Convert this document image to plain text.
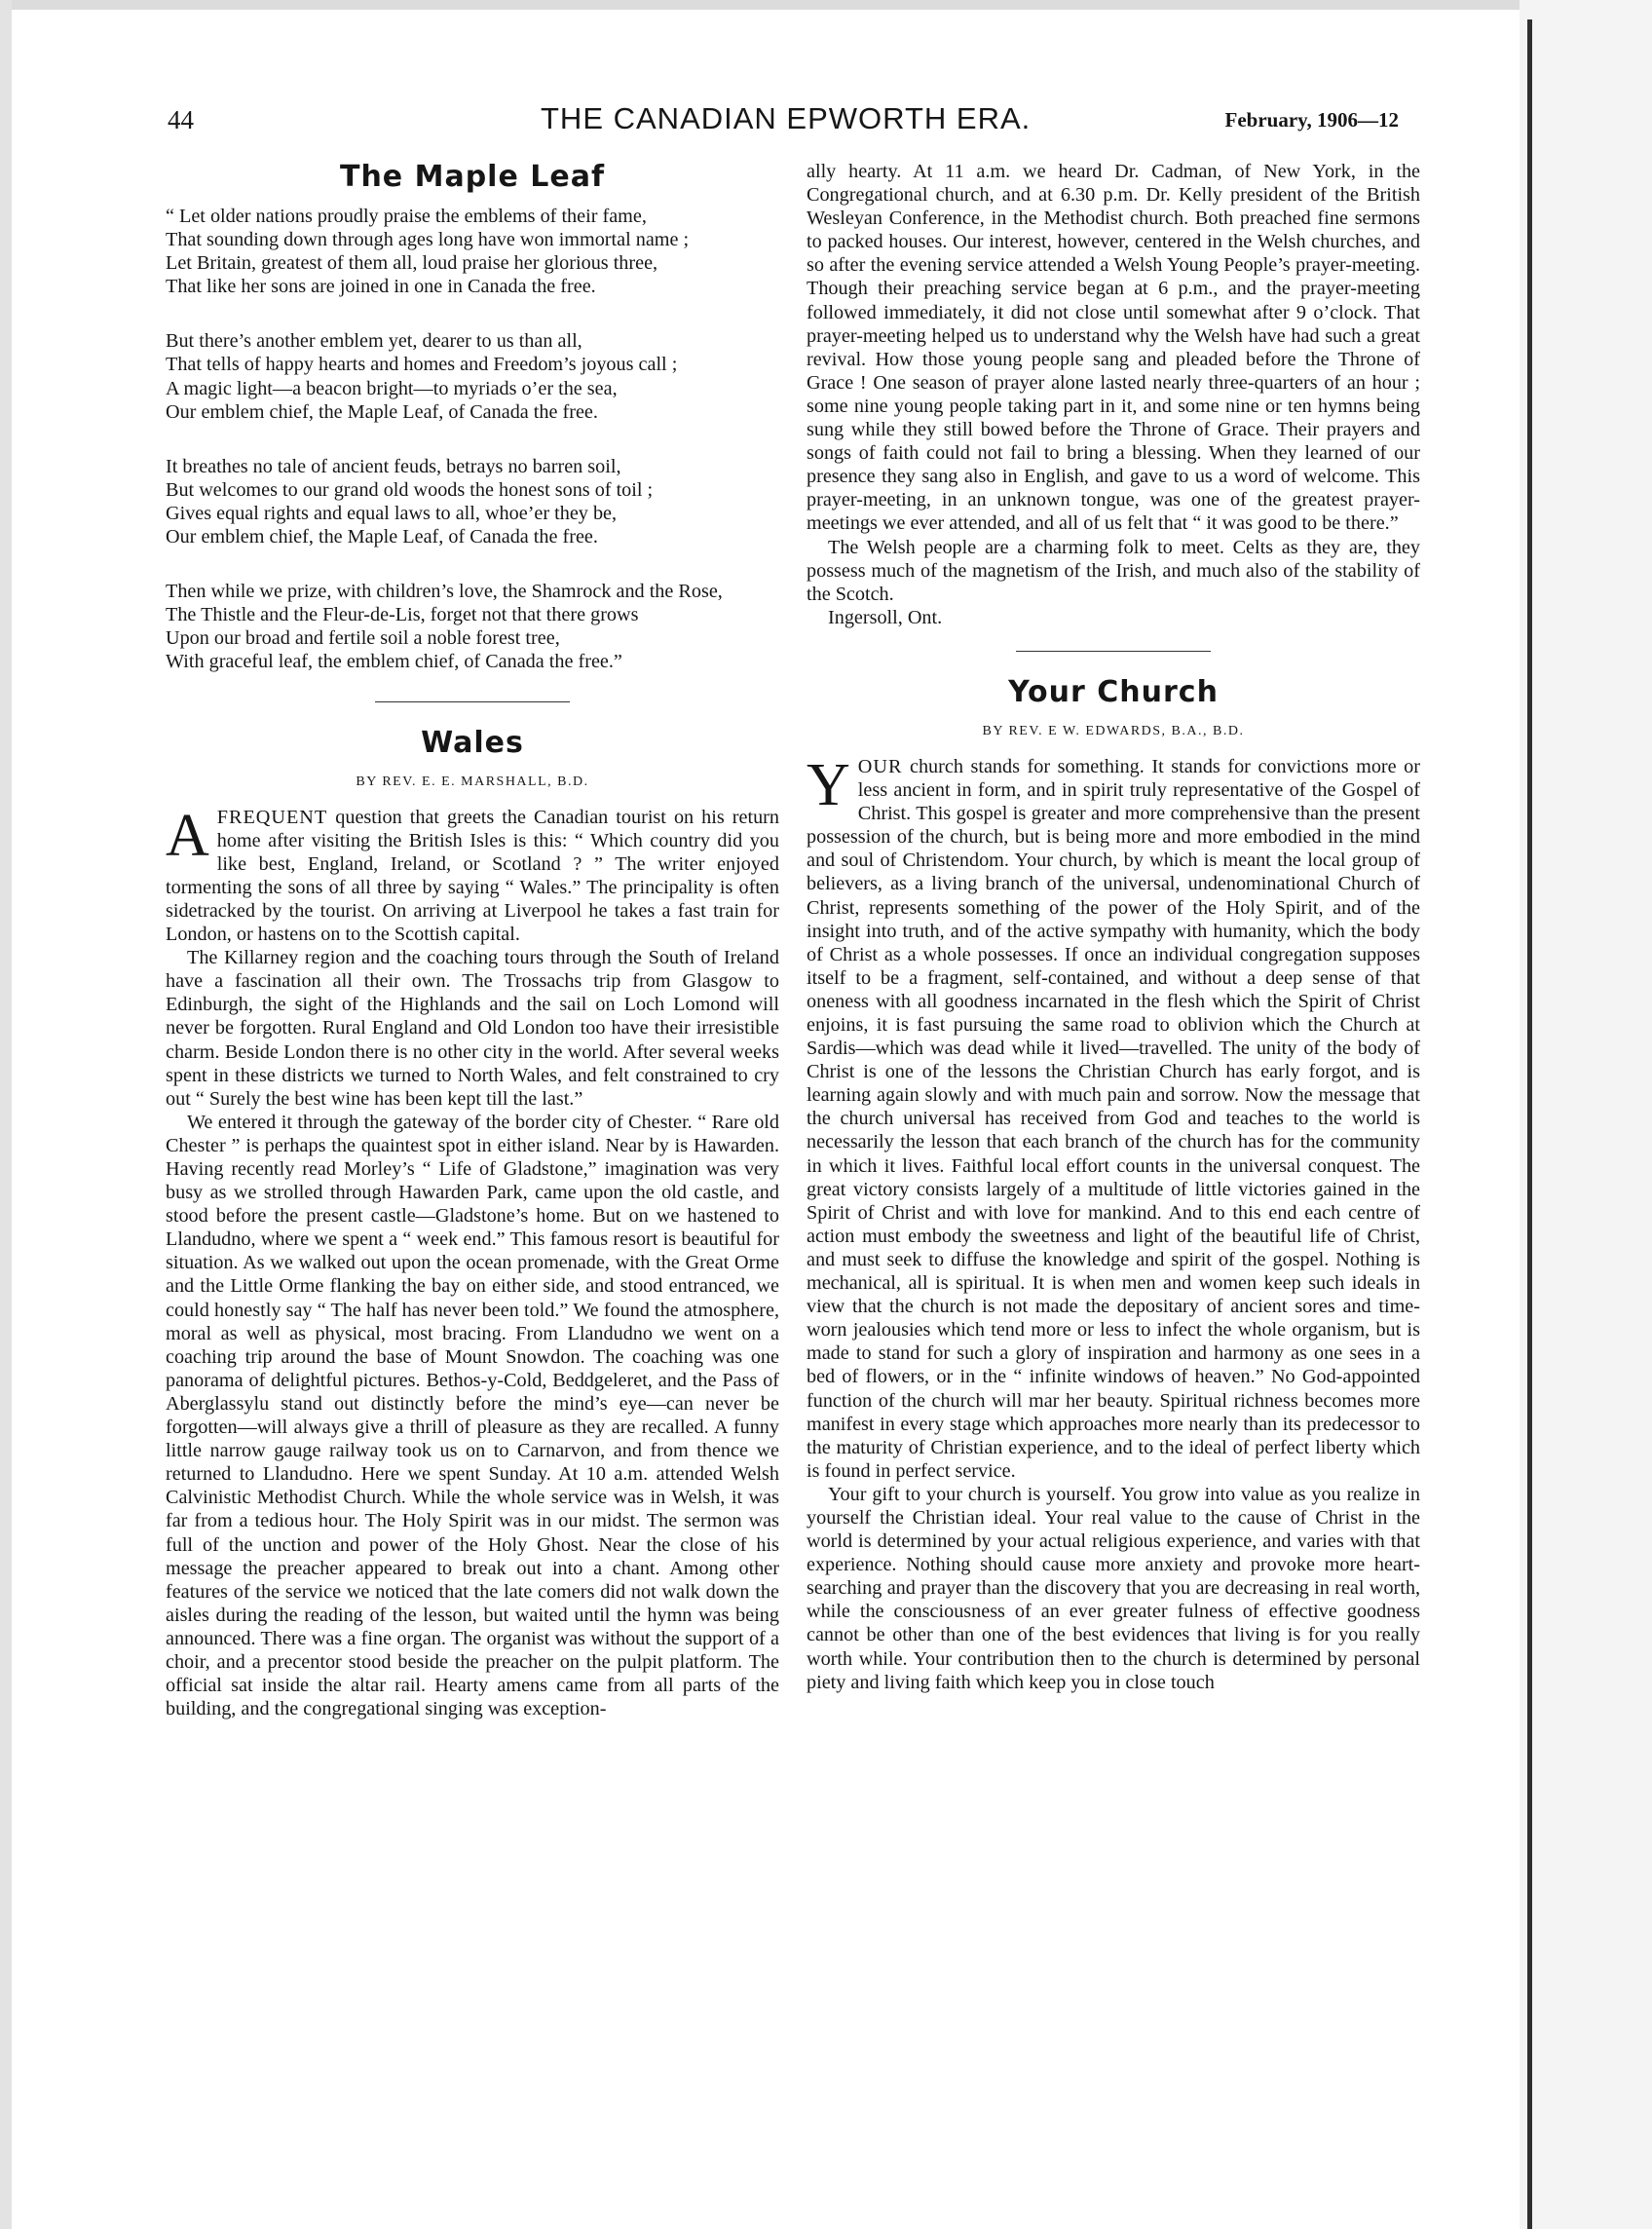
44	THE CANADIAN EPWORTH ERA.	February, 1906—12
The Maple Leaf
“ Let older nations proudly praise the emblems of their fame,
That sounding down through ages long have won immortal name ;
Let Britain, greatest of them all, loud praise her glorious three,
That like her sons are joined in one in Canada the free.
But there’s another emblem yet, dearer to us than all,
That tells of happy hearts and homes and Freedom’s joyous call ;
A magic light—a beacon bright—to myriads o’er the sea,
Our emblem chief, the Maple Leaf, of Canada the free.
It breathes no tale of ancient feuds, betrays no barren soil,
But welcomes to our grand old woods the honest sons of toil ;
Gives equal rights and equal laws to all, whoe’er they be,
Our emblem chief, the Maple Leaf, of Canada the free.
Then while we prize, with children’s love, the Shamrock and the Rose,
The Thistle and the Fleur-de-Lis, forget not that there grows
Upon our broad and fertile soil a noble forest tree,
With graceful leaf, the emblem chief, of Canada the free.”
Wales
BY REV. E. E. MARSHALL, B.D.

AFREQUENT question that greets the Canadian tourist on his return home after visiting the British Isles is this: “ Which country did you like best, England, Ireland, or Scotland ? ” The writer enjoyed tormenting the sons of all three by saying “ Wales.” The principality is often sidetracked by the tourist. On arriving at Liverpool he takes a fast train for London, or hastens on to the Scottish capital.

The Killarney region and the coaching tours through the South of Ireland have a fascination all their own. The Trossachs trip from Glasgow to Edinburgh, the sight of the Highlands and the sail on Loch Lomond will never be forgotten. Rural England and Old London too have their irresistible charm. Beside London there is no other city in the world. After several weeks spent in these districts we turned to North Wales, and felt constrained to cry out “ Surely the best wine has been kept till the last.”

We entered it through the gateway of the border city of Chester. “ Rare old Chester ” is perhaps the quaintest spot in either island. Near by is Hawarden. Having recently read Morley’s “ Life of Gladstone,” imagination was very busy as we strolled through Hawarden Park, came upon the old castle, and stood before the present castle—Gladstone’s home. But on we hastened to Llandudno, where we spent a “ week end.” This famous resort is beautiful for situation. As we walked out upon the ocean promenade, with the Great Orme and the Little Orme flanking the bay on either side, and stood entranced, we could honestly say “ The half has never been told.” We found the atmosphere, moral as well as physical, most bracing. From Llandudno we went on a coaching trip around the base of Mount Snowdon. The coaching was one panorama of delightful pictures. Bethos-y-Cold, Beddgeleret, and the Pass of Aberglassylu stand out distinctly before the mind’s eye—can never be forgotten—will always give a thrill of pleasure as they are recalled. A funny little narrow gauge railway took us on to Carnarvon, and from thence we returned to Llandudno. Here we spent Sunday. At 10 a.m. attended Welsh Calvinistic Methodist Church. While the whole service was in Welsh, it was far from a tedious hour. The Holy Spirit was in our midst. The sermon was full of the unction and power of the Holy Ghost. Near the close of his message the preacher appeared to break out into a chant. Among other features of the service we noticed that the late comers did not walk down the aisles during the reading of the lesson, but waited until the hymn was being announced. There was a fine organ. The organist was without the support of a choir, and a precentor stood beside the preacher on the pulpit platform. The official sat inside the altar rail. Hearty amens came from all parts of the building, and the congregational singing was exception-

ally hearty. At 11 a.m. we heard Dr. Cadman, of New York, in the Congregational church, and at 6.30 p.m. Dr. Kelly president of the British Wesleyan Conference, in the Methodist church. Both preached fine sermons to packed houses. Our interest, however, centered in the Welsh churches, and so after the evening service attended a Welsh Young People’s prayer-meeting. Though their preaching service began at 6 p.m., and the prayer-meeting followed immediately, it did not close until somewhat after 9 o’clock. That prayer-meeting helped us to understand why the Welsh have had such a great revival. How those young people sang and pleaded before the Throne of Grace ! One season of prayer alone lasted nearly three-quarters of an hour ; some nine young people taking part in it, and some nine or ten hymns being sung while they still bowed before the Throne of Grace. Their prayers and songs of faith could not fail to bring a blessing. When they learned of our presence they sang also in English, and gave to us a word of welcome. This prayer-meeting, in an unknown tongue, was one of the greatest prayer-meetings we ever attended, and all of us felt that “ it was good to be there.”

The Welsh people are a charming folk to meet. Celts as they are, they possess much of the magnetism of the Irish, and much also of the stability of the Scotch.

Ingersoll, Ont.

Your Church
BY REV. E W. EDWARDS, B.A., B.D.

YOUR church stands for something. It stands for convictions more or less ancient in form, and in spirit truly representative of the Gospel of Christ. This gospel is greater and more comprehensive than the present possession of the church, but is being more and more embodied in the mind and soul of Christendom. Your church, by which is meant the local group of believers, as a living branch of the universal, undenominational Church of Christ, represents something of the power of the Holy Spirit, and of the insight into truth, and of the active sympathy with humanity, which the body of Christ as a whole possesses. If once an individual congregation supposes itself to be a fragment, self-contained, and without a deep sense of that oneness with all goodness incarnated in the flesh which the Spirit of Christ enjoins, it is fast pursuing the same road to oblivion which the Church at Sardis—which was dead while it lived—travelled. The unity of the body of Christ is one of the lessons the Christian Church has early forgot, and is learning again slowly and with much pain and sorrow. Now the message that the church universal has received from God and teaches to the world is necessarily the lesson that each branch of the church has for the community in which it lives. Faithful local effort counts in the universal conquest. The great victory consists largely of a multitude of little victories gained in the Spirit of Christ and with love for mankind. And to this end each centre of action must embody the sweetness and light of the beautiful life of Christ, and must seek to diffuse the knowledge and spirit of the gospel. Nothing is mechanical, all is spiritual. It is when men and women keep such ideals in view that the church is not made the depositary of ancient sores and time-worn jealousies which tend more or less to infect the whole organism, but is made to stand for such a glory of inspiration and harmony as one sees in a bed of flowers, or in the “ infinite windows of heaven.” No God-appointed function of the church will mar her beauty. Spiritual richness becomes more manifest in every stage which approaches more nearly than its predecessor to the maturity of Christian experience, and to the ideal of perfect liberty which is found in perfect service.

Your gift to your church is yourself. You grow into value as you realize in yourself the Christian ideal. Your real value to the cause of Christ in the world is determined by your actual religious experience, and varies with that experience. Nothing should cause more anxiety and provoke more heart-searching and prayer than the discovery that you are decreasing in real worth, while the consciousness of an ever greater fulness of effective goodness cannot be other than one of the best evidences that living is for you really worth while. Your contribution then to the church is determined by personal piety and living faith which keep you in close touch
